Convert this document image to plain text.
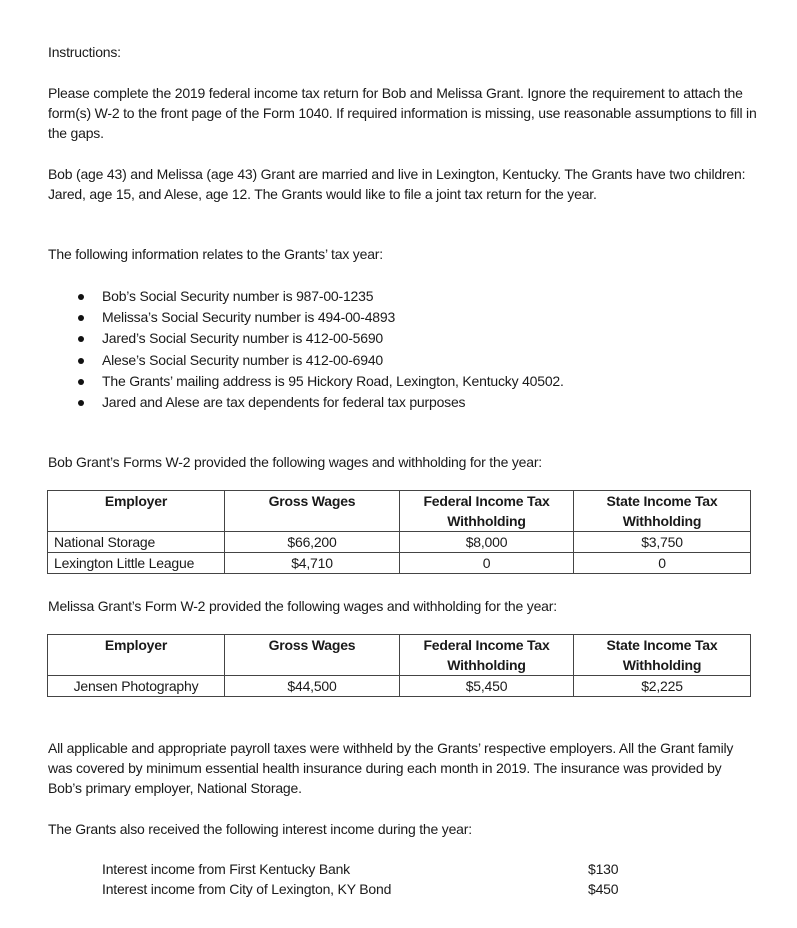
Instructions:

Please complete the 2019 federal income tax return for Bob and Melissa Grant. Ignore the requirement to attach the form(s) W-2 to the front page of the Form 1040. If required information is missing, use reasonable assumptions to fill in the gaps.

Bob (age 43) and Melissa (age 43) Grant are married and live in Lexington, Kentucky. The Grants have two children: Jared, age 15, and Alese, age 12. The Grants would like to file a joint tax return for the year.

The following information relates to the Grants’ tax year:

Bob’s Social Security number is 987-00-1235
Melissa’s Social Security number is 494-00-4893
Jared’s Social Security number is 412-00-5690
Alese’s Social Security number is 412-00-6940
The Grants’ mailing address is 95 Hickory Road, Lexington, Kentucky 40502.
Jared and Alese are tax dependents for federal tax purposes

Bob Grant’s Forms W-2 provided the following wages and withholding for the year:

Employer	Gross Wages	Federal Income Tax Withholding	State Income Tax Withholding
National Storage	$66,200	$8,000	$3,750
Lexington Little League	$4,710	0	0

Melissa Grant’s Form W-2 provided the following wages and withholding for the year:

Employer	Gross Wages	Federal Income Tax Withholding	State Income Tax Withholding
Jensen Photography	$44,500	$5,450	$2,225

All applicable and appropriate payroll taxes were withheld by the Grants’ respective employers. All the Grant family was covered by minimum essential health insurance during each month in 2019. The insurance was provided by Bob’s primary employer, National Storage.

The Grants also received the following interest income during the year:

Interest income from First Kentucky Bank	$130
Interest income from City of Lexington, KY Bond	$450
